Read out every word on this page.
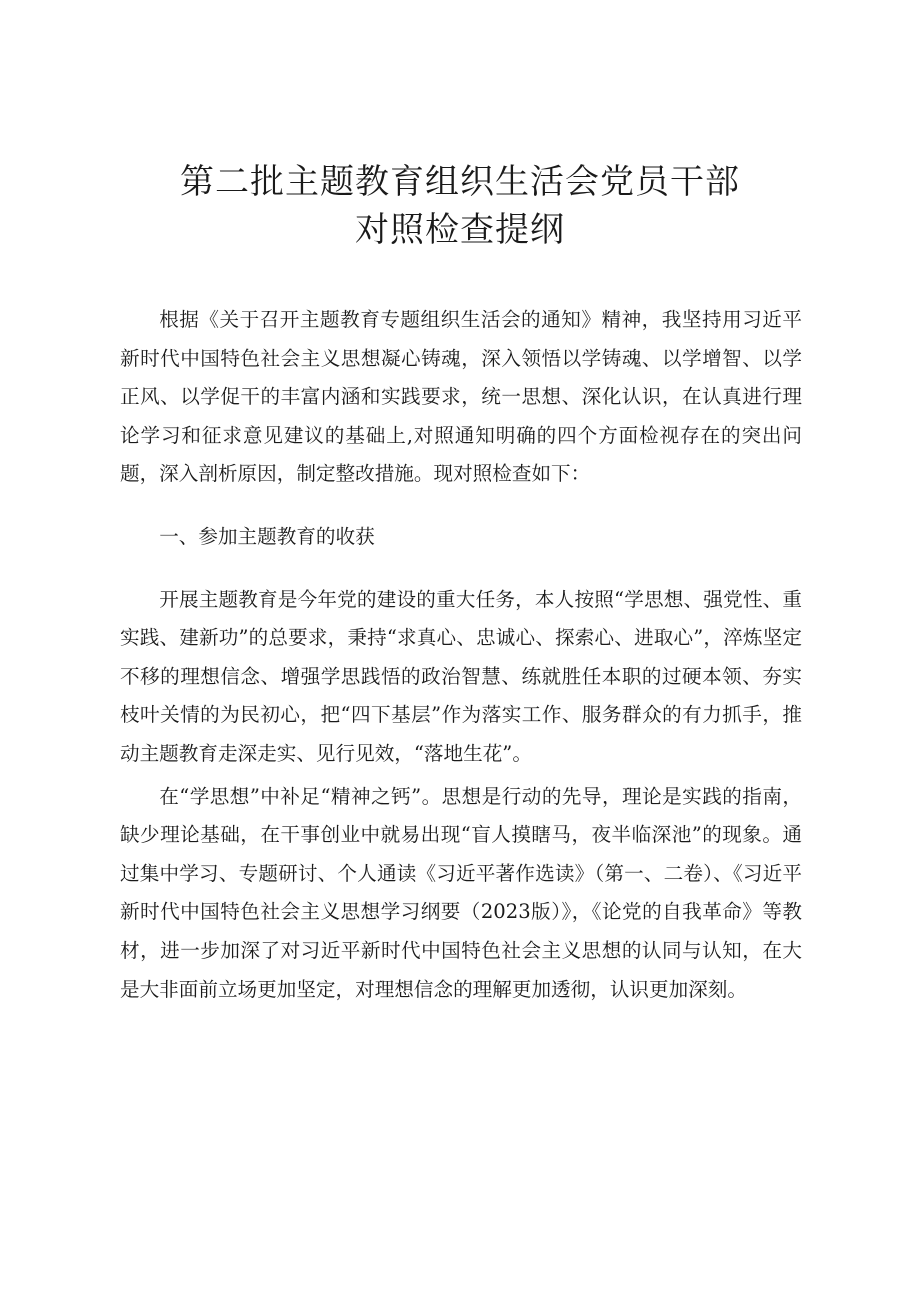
第二批主题教育组织生活会党员干部
对照检查提纲

根据《关于召开主题教育专题组织生活会的通知》精神，我坚持用习近平新时代中国特色社会主义思想凝心铸魂，深入领悟以学铸魂、以学增智、以学正风、以学促干的丰富内涵和实践要求，统一思想、深化认识，在认真进行理论学习和征求意见建议的基础上,对照通知明确的四个方面检视存在的突出问题，深入剖析原因，制定整改措施。现对照检查如下：

一、参加主题教育的收获

开展主题教育是今年党的建设的重大任务，本人按照“学思想、强党性、重实践、建新功”的总要求，秉持“求真心、忠诚心、探索心、进取心”，淬炼坚定不移的理想信念、增强学思践悟的政治智慧、练就胜任本职的过硬本领、夯实枝叶关情的为民初心，把“四下基层”作为落实工作、服务群众的有力抓手，推动主题教育走深走实、见行见效，“落地生花”。

在“学思想”中补足“精神之钙”。思想是行动的先导，理论是实践的指南，缺少理论基础，在干事创业中就易出现“盲人摸瞎马，夜半临深池”的现象。通过集中学习、专题研讨、个人通读《习近平著作选读》（第一、二卷）、《习近平新时代中国特色社会主义思想学习纲要（2023版）》，《论党的自我革命》等教材，进一步加深了对习近平新时代中国特色社会主义思想的认同与认知，在大是大非面前立场更加坚定，对理想信念的理解更加透彻，认识更加深刻。
